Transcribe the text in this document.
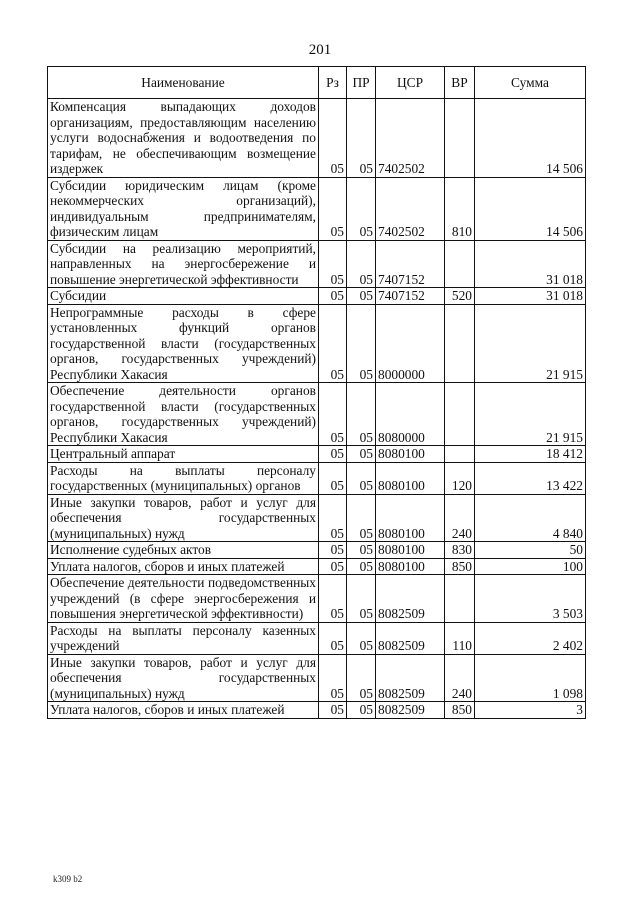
201
Наименование	Рз	ПР	ЦСР	ВР	Сумма
Компенсация выпадающих доходов организациям, предоставляющим населению услуги водоснабжения и водоотведения по тарифам, не обеспечивающим возмещение издержек	05	05	7402502		14 506
Субсидии юридическим лицам (кроме некоммерческих организаций), индивидуальным предпринимателям, физическим лицам	05	05	7402502	810	14 506
Субсидии на реализацию мероприятий, направленных на энергосбережение и повышение энергетической эффективности	05	05	7407152		31 018
Субсидии	05	05	7407152	520	31 018
Непрограммные расходы в сфере установленных функций органов государственной власти (государственных органов, государственных учреждений) Республики Хакасия	05	05	8000000		21 915
Обеспечение деятельности органов государственной власти (государственных органов, государственных учреждений) Республики Хакасия	05	05	8080000		21 915
Центральный аппарат	05	05	8080100		18 412
Расходы на выплаты персоналу государственных (муниципальных) органов	05	05	8080100	120	13 422
Иные закупки товаров, работ и услуг для обеспечения государственных (муниципальных) нужд	05	05	8080100	240	4 840
Исполнение судебных актов	05	05	8080100	830	50
Уплата налогов, сборов и иных платежей	05	05	8080100	850	100
Обеспечение деятельности подведомственных учреждений (в сфере энергосбережения и повышения энергетической эффективности)	05	05	8082509		3 503
Расходы на выплаты персоналу казенных учреждений	05	05	8082509	110	2 402
Иные закупки товаров, работ и услуг для обеспечения государственных (муниципальных) нужд	05	05	8082509	240	1 098
Уплата налогов, сборов и иных платежей	05	05	8082509	850	3
k309 b2
